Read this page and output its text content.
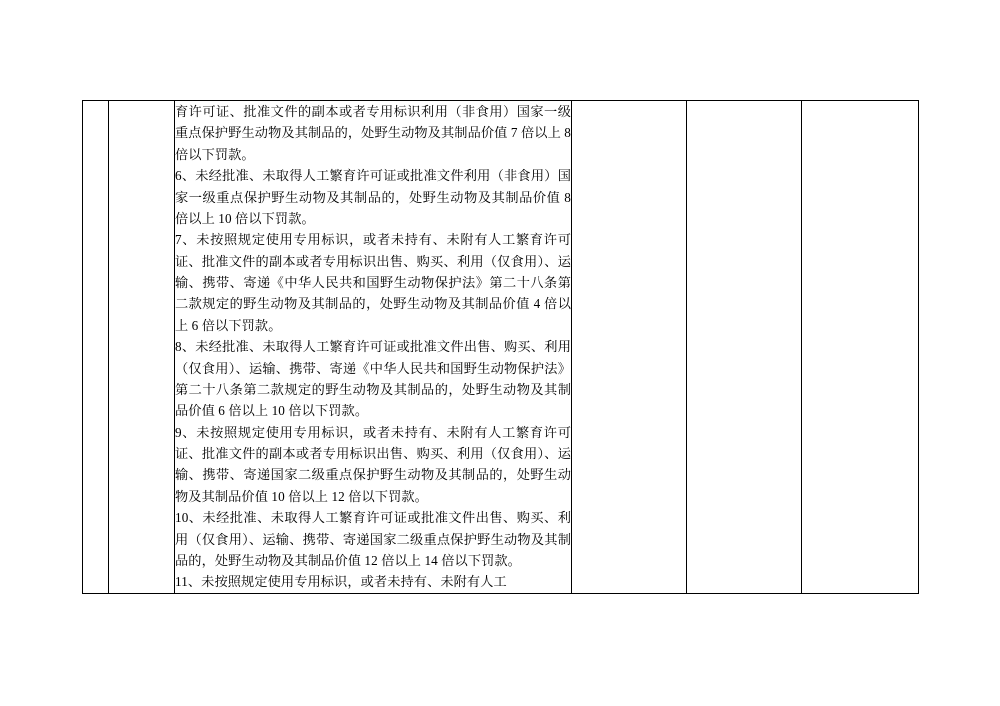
育许可证、批准文件的副本或者专用标识利用（非食用）国家一级重点保护野生动物及其制品的，处野生动物及其制品价值 7 倍以上 8 倍以下罚款。

6、未经批准、未取得人工繁育许可证或批准文件利用（非食用）国家一级重点保护野生动物及其制品的，处野生动物及其制品价值 8 倍以上 10 倍以下罚款。

7、未按照规定使用专用标识，或者未持有、未附有人工繁育许可证、批准文件的副本或者专用标识出售、购买、利用（仅食用）、运输、携带、寄递《中华人民共和国野生动物保护法》第二十八条第二款规定的野生动物及其制品的，处野生动物及其制品价值 4 倍以上 6 倍以下罚款。

8、未经批准、未取得人工繁育许可证或批准文件出售、购买、利用（仅食用）、运输、携带、寄递《中华人民共和国野生动物保护法》第二十八条第二款规定的野生动物及其制品的，处野生动物及其制品价值 6 倍以上 10 倍以下罚款。

9、未按照规定使用专用标识，或者未持有、未附有人工繁育许可证、批准文件的副本或者专用标识出售、购买、利用（仅食用）、运输、携带、寄递国家二级重点保护野生动物及其制品的，处野生动物及其制品价值 10 倍以上 12 倍以下罚款。

10、未经批准、未取得人工繁育许可证或批准文件出售、购买、利用（仅食用）、运输、携带、寄递国家二级重点保护野生动物及其制品的，处野生动物及其制品价值 12 倍以上 14 倍以下罚款。

11、未按照规定使用专用标识，或者未持有、未附有人工
